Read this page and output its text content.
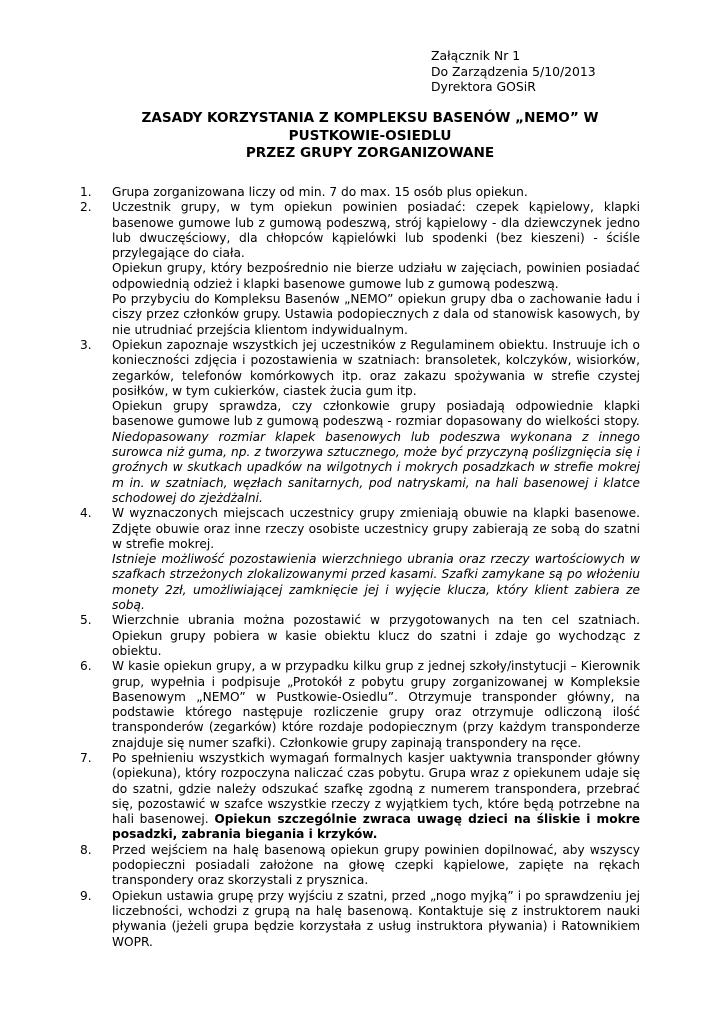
Załącznik Nr 1
Do Zarządzenia 5/10/2013
Dyrektora GOSiR
ZASADY KORZYSTANIA Z KOMPLEKSU BASENÓW „NEMO” W
PUSTKOWIE-OSIEDLU
PRZEZ GRUPY ZORGANIZOWANE
1. Grupa zorganizowana liczy od min. 7 do max. 15 osób plus opiekun.

2. Uczestnik grupy, w tym opiekun powinien posiadać: czepek kąpielowy, klapki basenowe gumowe lub z gumową podeszwą, strój kąpielowy - dla dziewczynek jedno lub dwuczęściowy, dla chłopców kąpielówki lub spodenki (bez kieszeni) - ściśle przylegające do ciała.

Opiekun grupy, który bezpośrednio nie bierze udziału w zajęciach, powinien posiadać odpowiednią odzież i klapki basenowe gumowe lub z gumową podeszwą.

Po przybyciu do Kompleksu Basenów „NEMO” opiekun grupy dba o zachowanie ładu i ciszy przez członków grupy. Ustawia podopiecznych z dala od stanowisk kasowych, by nie utrudniać przejścia klientom indywidualnym.

3. Opiekun zapoznaje wszystkich jej uczestników z Regulaminem obiektu. Instruuje ich o konieczności zdjęcia i pozostawienia w szatniach: bransoletek, kolczyków, wisiorków, zegarków, telefonów komórkowych itp. oraz zakazu spożywania w strefie czystej posiłków, w tym cukierków, ciastek żucia gum itp.

Opiekun grupy sprawdza, czy członkowie grupy posiadają odpowiednie klapki basenowe gumowe lub z gumową podeszwą - rozmiar dopasowany do wielkości stopy.

Niedopasowany rozmiar klapek basenowych lub podeszwa wykonana z innego surowca niż guma, np. z tworzywa sztucznego, może być przyczyną poślizgnięcia się i groźnych w skutkach upadków na wilgotnych i mokrych posadzkach w strefie mokrej m in. w szatniach, węzłach sanitarnych, pod natryskami, na hali basenowej i klatce schodowej do zjeżdżalni.

4. W wyznaczonych miejscach uczestnicy grupy zmieniają obuwie na klapki basenowe. Zdjęte obuwie oraz inne rzeczy osobiste uczestnicy grupy zabierają ze sobą do szatni w strefie mokrej.

Istnieje możliwość pozostawienia wierzchniego ubrania oraz rzeczy wartościowych w szafkach strzeżonych zlokalizowanymi przed kasami. Szafki zamykane są po włożeniu monety 2zł, umożliwiającej zamknięcie jej i wyjęcie klucza, który klient zabiera ze sobą.

5. Wierzchnie ubrania można pozostawić w przygotowanych na ten cel szatniach. Opiekun grupy pobiera w kasie obiektu klucz do szatni i zdaje go wychodząc z obiektu.

6. W kasie opiekun grupy, a w przypadku kilku grup z jednej szkoły/instytucji – Kierownik grup, wypełnia i podpisuje „Protokół z pobytu grupy zorganizowanej w Kompleksie Basenowym „NEMO” w Pustkowie-Osiedlu”. Otrzymuje transponder główny, na podstawie którego następuje rozliczenie grupy oraz otrzymuje odliczoną ilość transponderów (zegarków) które rozdaje podopiecznym (przy każdym transponderze znajduje się numer szafki). Członkowie grupy zapinają transpondery na ręce.

7. Po spełnieniu wszystkich wymagań formalnych kasjer uaktywnia transponder główny (opiekuna), który rozpoczyna naliczać czas pobytu. Grupa wraz z opiekunem udaje się do szatni, gdzie należy odszukać szafkę zgodną z numerem transpondera, przebrać się, pozostawić w szafce wszystkie rzeczy z wyjątkiem tych, które będą potrzebne na hali basenowej. Opiekun szczególnie zwraca uwagę dzieci na śliskie i mokre posadzki, zabrania biegania i krzyków.

8. Przed wejściem na halę basenową opiekun grupy powinien dopilnować, aby wszyscy podopieczni posiadali założone na głowę czepki kąpielowe, zapięte na rękach transpondery oraz skorzystali z prysznica.

9. Opiekun ustawia grupę przy wyjściu z szatni, przed „nogo myjką” i po sprawdzeniu jej liczebności, wchodzi z grupą na halę basenową. Kontaktuje się z instruktorem nauki pływania (jeżeli grupa będzie korzystała z usług instruktora pływania) i Ratownikiem WOPR.
